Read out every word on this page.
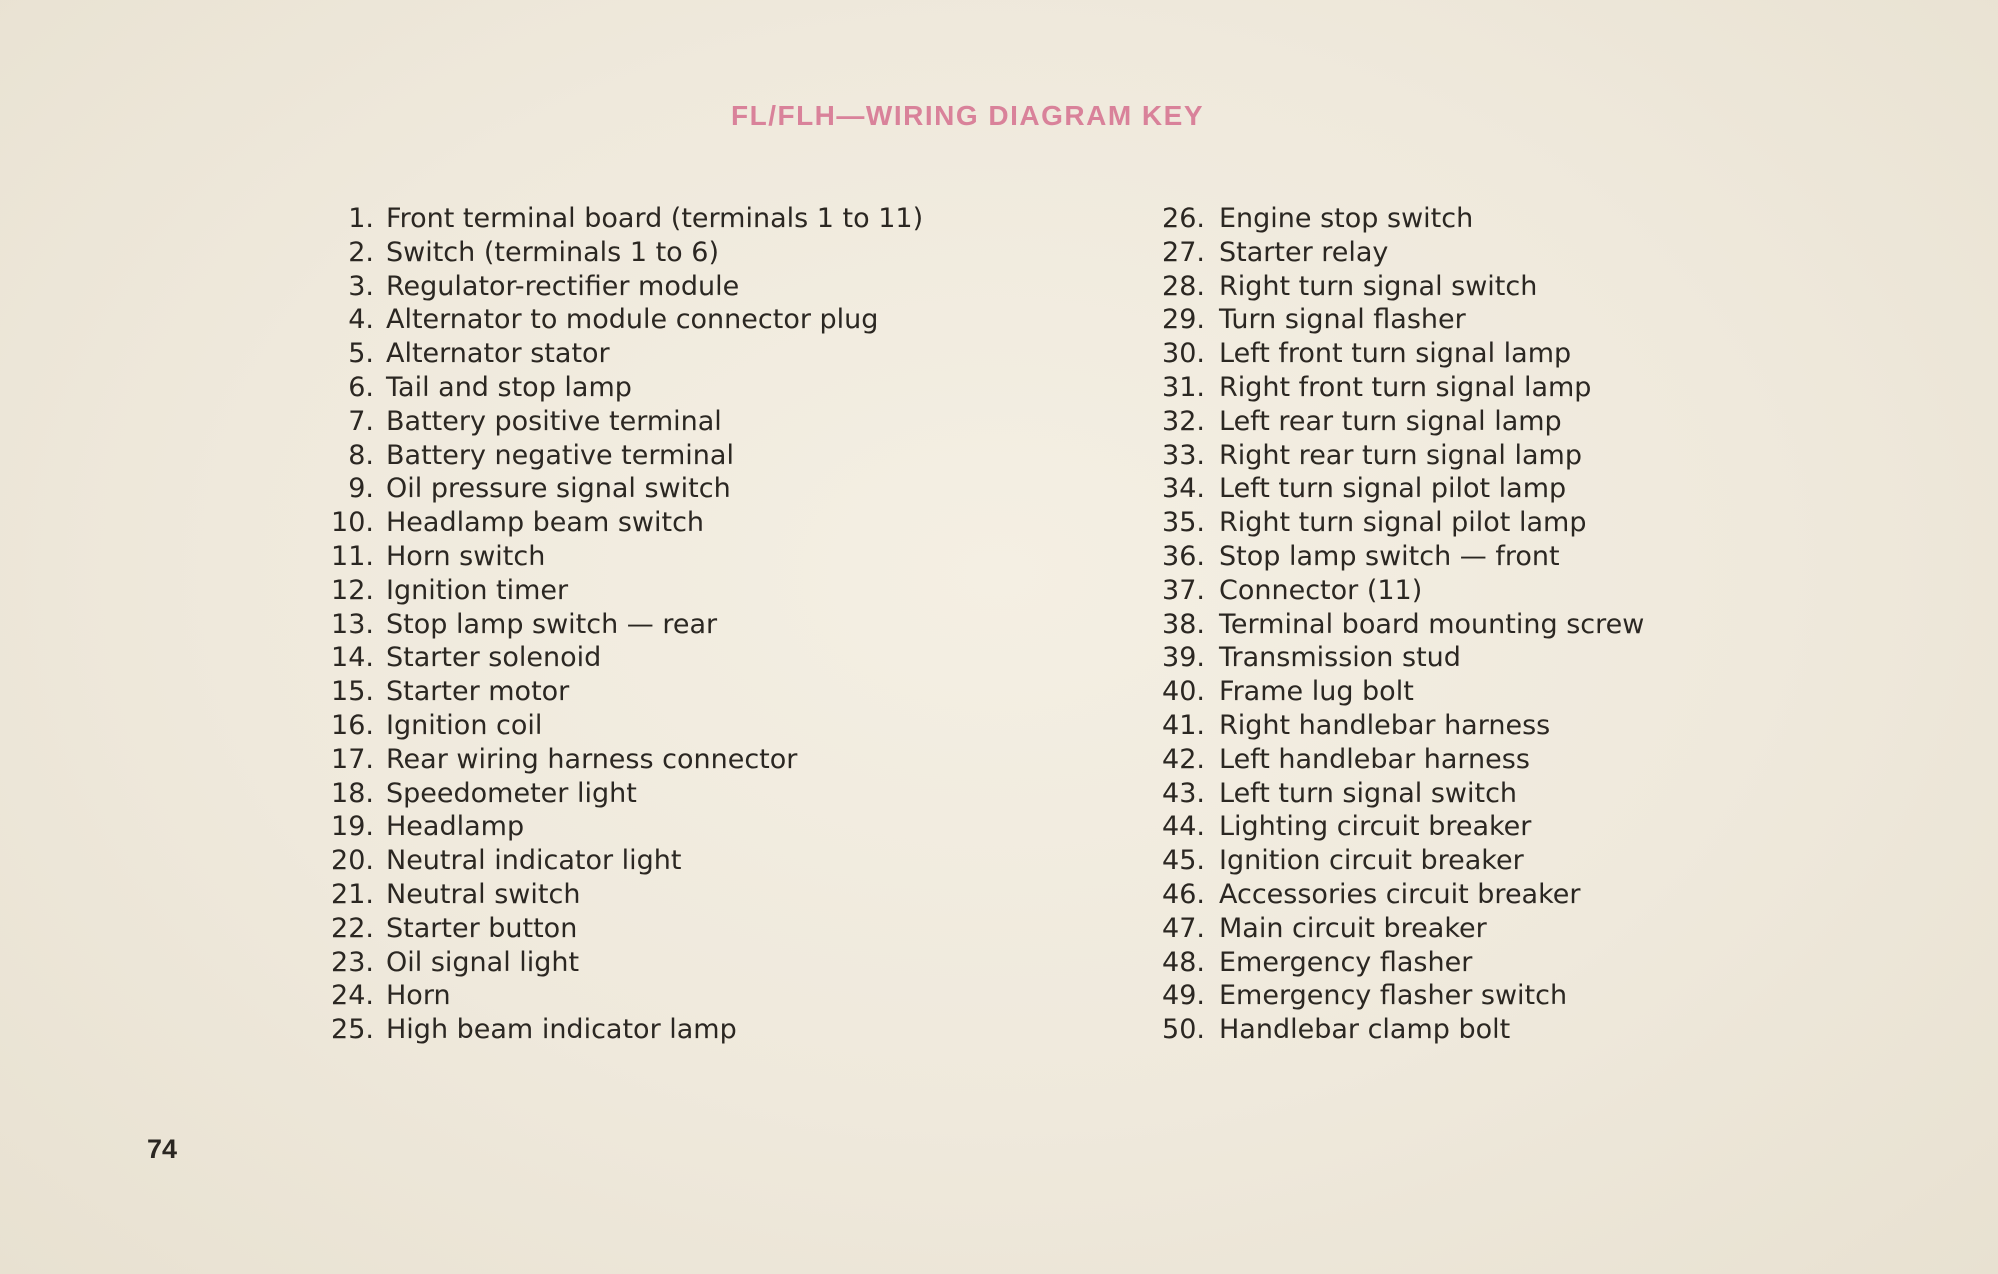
FL/FLH—WIRING DIAGRAM KEY
1. Front terminal board (terminals 1 to 11)
2. Switch (terminals 1 to 6)
3. Regulator-rectifier module
4. Alternator to module connector plug
5. Alternator stator
6. Tail and stop lamp
7. Battery positive terminal
8. Battery negative terminal
9. Oil pressure signal switch
10. Headlamp beam switch
11. Horn switch
12. Ignition timer
13. Stop lamp switch — rear
14. Starter solenoid
15. Starter motor
16. Ignition coil
17. Rear wiring harness connector
18. Speedometer light
19. Headlamp
20. Neutral indicator light
21. Neutral switch
22. Starter button
23. Oil signal light
24. Horn
25. High beam indicator lamp
26. Engine stop switch
27. Starter relay
28. Right turn signal switch
29. Turn signal flasher
30. Left front turn signal lamp
31. Right front turn signal lamp
32. Left rear turn signal lamp
33. Right rear turn signal lamp
34. Left turn signal pilot lamp
35. Right turn signal pilot lamp
36. Stop lamp switch — front
37. Connector (11)
38. Terminal board mounting screw
39. Transmission stud
40. Frame lug bolt
41. Right handlebar harness
42. Left handlebar harness
43. Left turn signal switch
44. Lighting circuit breaker
45. Ignition circuit breaker
46. Accessories circuit breaker
47. Main circuit breaker
48. Emergency flasher
49. Emergency flasher switch
50. Handlebar clamp bolt
74
